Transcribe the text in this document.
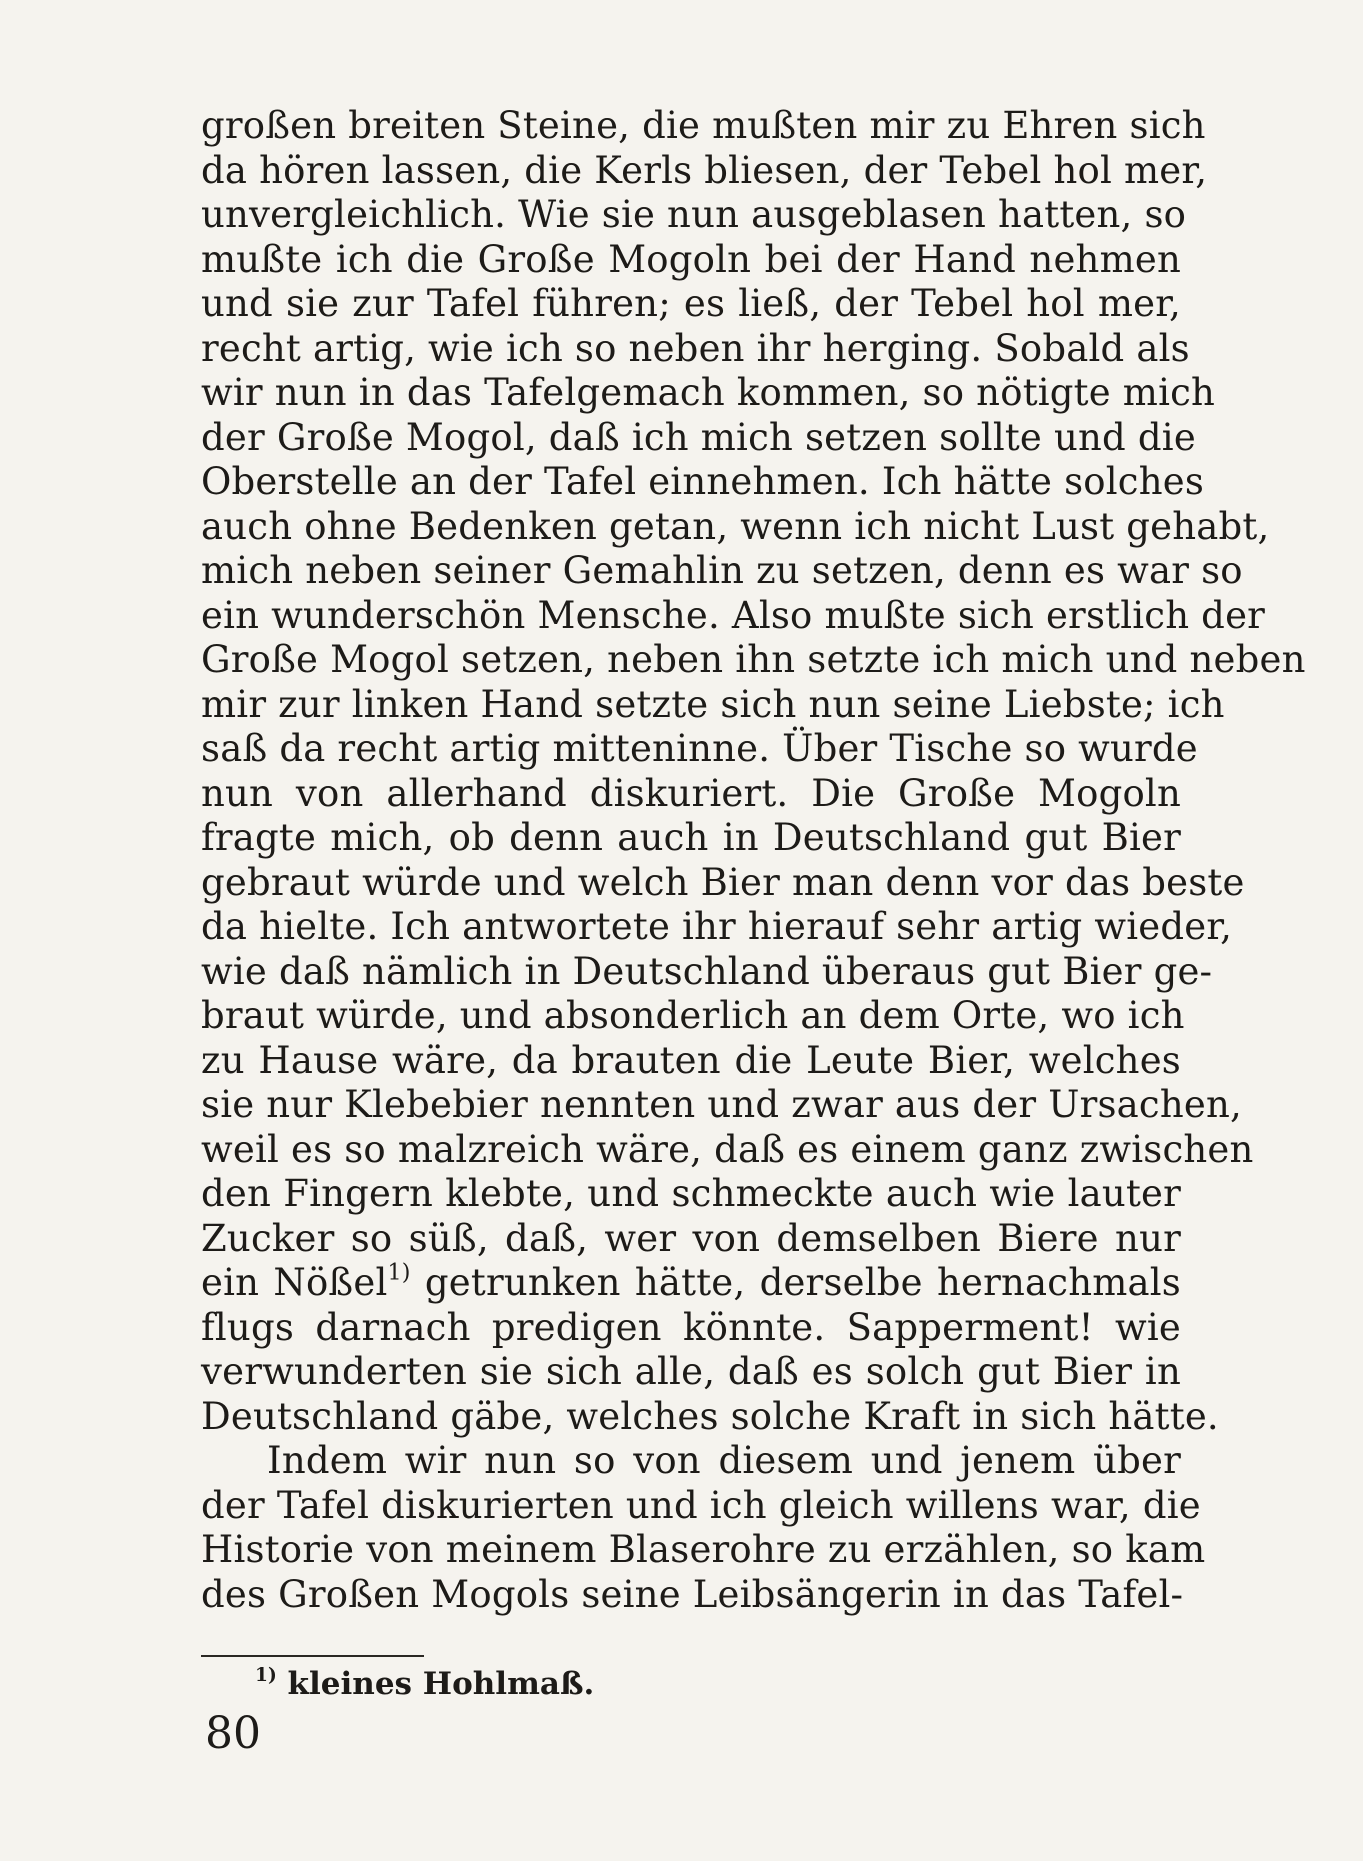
großen breiten Steine, die mußten mir zu Ehren sich
da hören lassen, die Kerls bliesen, der Tebel hol mer,
unvergleichlich. Wie sie nun ausgeblasen hatten, so
mußte ich die Große Mogoln bei der Hand nehmen
und sie zur Tafel führen; es ließ, der Tebel hol mer,
recht artig, wie ich so neben ihr herging. Sobald als
wir nun in das Tafelgemach kommen, so nötigte mich
der Große Mogol, daß ich mich setzen sollte und die
Oberstelle an der Tafel einnehmen. Ich hätte solches
auch ohne Bedenken getan, wenn ich nicht Lust gehabt,
mich neben seiner Gemahlin zu setzen, denn es war so
ein wunderschön Mensche. Also mußte sich erstlich der
Große Mogol setzen, neben ihn setzte ich mich und neben
mir zur linken Hand setzte sich nun seine Liebste; ich
saß da recht artig mitteninne. Über Tische so wurde
nun von allerhand diskuriert. Die Große Mogoln
fragte mich, ob denn auch in Deutschland gut Bier
gebraut würde und welch Bier man denn vor das beste
da hielte. Ich antwortete ihr hierauf sehr artig wieder,
wie daß nämlich in Deutschland überaus gut Bier ge-
braut würde, und absonderlich an dem Orte, wo ich
zu Hause wäre, da brauten die Leute Bier, welches
sie nur Klebebier nennten und zwar aus der Ursachen,
weil es so malzreich wäre, daß es einem ganz zwischen
den Fingern klebte, und schmeckte auch wie lauter
Zucker so süß, daß, wer von demselben Biere nur
ein Nößel$^{1)}$ getrunken hätte, derselbe hernachmals
flugs darnach predigen könnte. Sapperment! wie
verwunderten sie sich alle, daß es solch gut Bier in
Deutschland gäbe, welches solche Kraft in sich hätte.
Indem wir nun so von diesem und jenem über
der Tafel diskurierten und ich gleich willens war, die
Historie von meinem Blaserohre zu erzählen, so kam
des Großen Mogols seine Leibsängerin in das Tafel-
$^{1)}$ kleines Hohlmaß.
80
